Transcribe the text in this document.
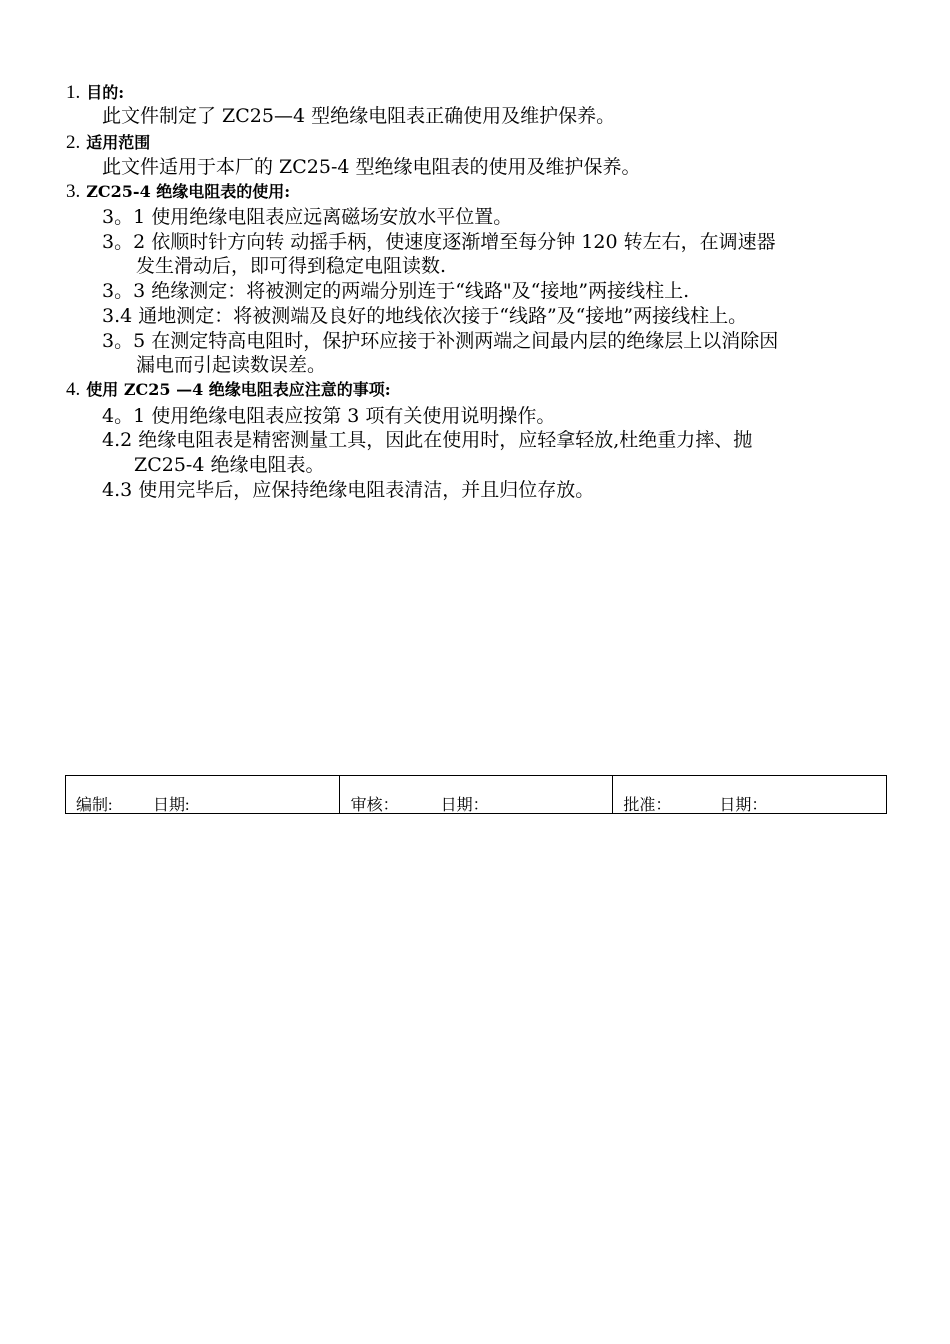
1. 目的:
此文件制定了 ZC25—4 型绝缘电阻表正确使用及维护保养。
2. 适用范围
此文件适用于本厂的 ZC25-4 型绝缘电阻表的使用及维护保养。
3. ZC25-4 绝缘电阻表的使用:
3。1 使用绝缘电阻表应远离磁场安放水平位置。
3。2 依顺时针方向转 动摇手柄，使速度逐渐增至每分钟 120 转左右，在调速器
发生滑动后，即可得到稳定电阻读数.
3。3 绝缘测定：将被测定的两端分别连于“线路"及“接地”两接线柱上.
3.4 通地测定：将被测端及良好的地线依次接于“线路”及“接地”两接线柱上。
3。5 在测定特高电阻时，保护环应接于补测两端之间最内层的绝缘层上以消除因
漏电而引起读数误差。
4. 使用 ZC25 —4 绝缘电阻表应注意的事项:
4。1 使用绝缘电阻表应按第 3 项有关使用说明操作。
4.2 绝缘电阻表是精密测量工具，因此在使用时，应轻拿轻放,杜绝重力摔、抛
ZC25-4 绝缘电阻表。
4.3 使用完毕后，应保持绝缘电阻表清洁，并且归位存放。
编制:	日期:	审核：	日期：	批准：	日期：
